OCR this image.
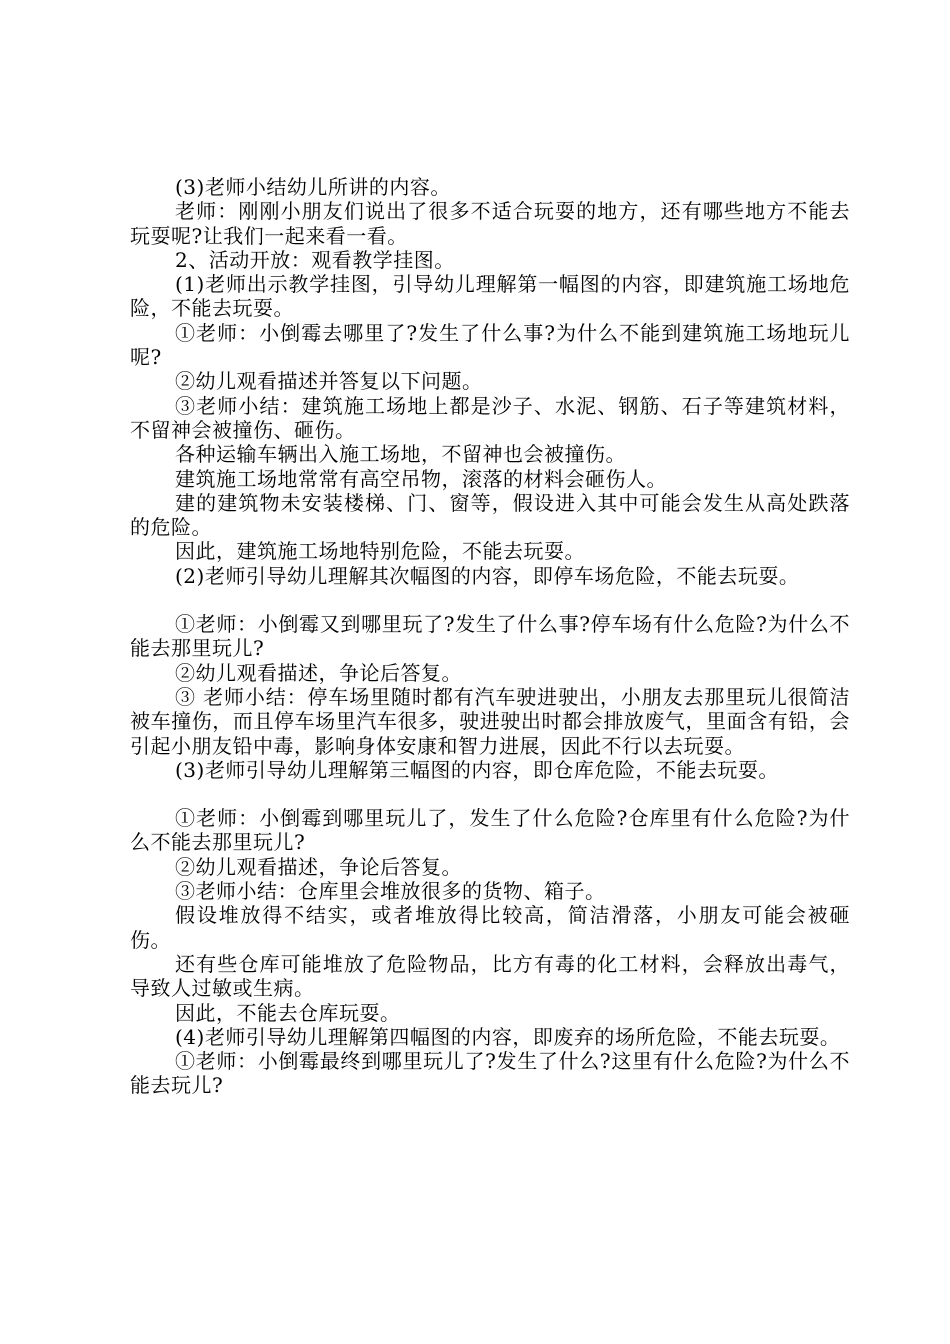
(3)老师小结幼儿所讲的内容。

老师：刚刚小朋友们说出了很多不适合玩耍的地方，还有哪些地方不能去玩耍呢?让我们一起来看一看。

2、活动开放：观看教学挂图。

(1)老师出示教学挂图，引导幼儿理解第一幅图的内容，即建筑施工场地危险，不能去玩耍。

①老师：小倒霉去哪里了?发生了什么事?为什么不能到建筑施工场地玩儿呢?

②幼儿观看描述并答复以下问题。

③老师小结：建筑施工场地上都是沙子、水泥、钢筋、石子等建筑材料，不留神会被撞伤、砸伤。

各种运输车辆出入施工场地，不留神也会被撞伤。

建筑施工场地常常有高空吊物，滚落的材料会砸伤人。

建的建筑物未安装楼梯、门、窗等，假设进入其中可能会发生从高处跌落的危险。

因此，建筑施工场地特别危险，不能去玩耍。

(2)老师引导幼儿理解其次幅图的内容，即停车场危险，不能去玩耍。

①老师：小倒霉又到哪里玩了?发生了什么事?停车场有什么危险?为什么不能去那里玩儿?

②幼儿观看描述，争论后答复。

③ 老师小结：停车场里随时都有汽车驶进驶出，小朋友去那里玩儿很简洁被车撞伤，而且停车场里汽车很多，驶进驶出时都会排放废气，里面含有铅，会引起小朋友铅中毒，影响身体安康和智力进展，因此不行以去玩耍。

(3)老师引导幼儿理解第三幅图的内容，即仓库危险，不能去玩耍。

①老师：小倒霉到哪里玩儿了，发生了什么危险?仓库里有什么危险?为什么不能去那里玩儿?

②幼儿观看描述，争论后答复。

③老师小结：仓库里会堆放很多的货物、箱子。

假设堆放得不结实，或者堆放得比较高，简洁滑落，小朋友可能会被砸伤。

还有些仓库可能堆放了危险物品，比方有毒的化工材料，会释放出毒气，导致人过敏或生病。

因此，不能去仓库玩耍。

(4)老师引导幼儿理解第四幅图的内容，即废弃的场所危险，不能去玩耍。

①老师：小倒霉最终到哪里玩儿了?发生了什么?这里有什么危险?为什么不能去玩儿?
